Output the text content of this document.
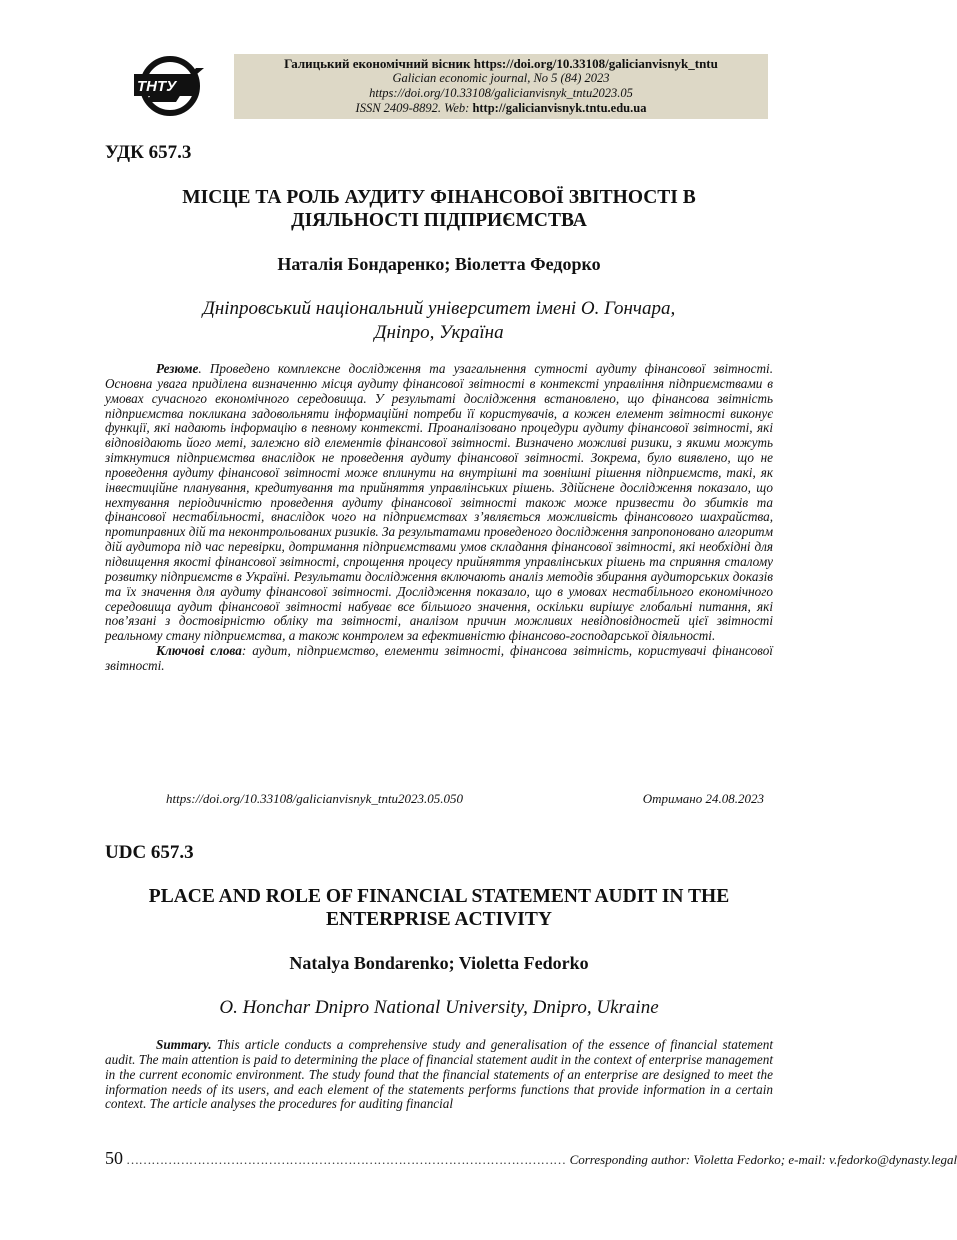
ТНТУ
Галицький економічний вісник https://doi.org/10.33108/galicianvisnyk_tntu
Galician economic journal, No 5 (84) 2023
https://doi.org/10.33108/galicianvisnyk_tntu2023.05
ISSN 2409-8892. Web: http://galicianvisnyk.tntu.edu.ua
УДК 657.3
МІСЦЕ ТА РОЛЬ АУДИТУ ФІНАНСОВОЇ ЗВІТНОСТІ В
ДІЯЛЬНОСТІ ПІДПРИЄМСТВА
Наталія Бондаренко; Віолетта Федорко
Дніпровський національний університет імені О. Гончара,
Дніпро, Україна

Резюме. Проведено комплексне дослідження та узагальнення сутності аудиту фінансової звітності. Основна увага приділена визначенню місця аудиту фінансової звітності в контексті управління підприємствами в умовах сучасного економічного середовища. У результаті дослідження встановлено, що фінансова звітність підприємства покликана задовольняти інформаційні потреби її користувачів, а кожен елемент звітності виконує функції, які надають інформацію в певному контексті. Проаналізовано процедури аудиту фінансової звітності, які відповідають його меті, залежно від елементів фінансової звітності. Визначено можливі ризики, з якими можуть зіткнутися підприємства внаслідок не проведення аудиту фінансової звітності. Зокрема, було виявлено, що не проведення аудиту фінансової звітності може вплинути на внутрішні та зовнішні рішення підприємств, такі, як інвестиційне планування, кредитування та прийняття управлінських рішень. Здійснене дослідження показало, що нехтування періодичністю проведення аудиту фінансової звітності також може призвести до збитків та фінансової нестабільності, внаслідок чого на підприємствах з’являється можливість фінансового шахрайства, протиправних дій та неконтрольованих ризиків. За результатами проведеного дослідження запропоновано алгоритм дій аудитора під час перевірки, дотримання підприємствами умов складання фінансової звітності, які необхідні для підвищення якості фінансової звітності, спрощення процесу прийняття управлінських рішень та сприяння сталому розвитку підприємств в Україні. Результати дослідження включають аналіз методів збирання аудиторських доказів та їх значення для аудиту фінансової звітності. Дослідження показало, що в умовах нестабільного економічного середовища аудит фінансової звітності набуває все більшого значення, оскільки вирішує глобальні питання, які пов’язані з достовірністю обліку та звітності, аналізом причин можливих невідповідностей цієї звітності реальному стану підприємства, а також контролем за ефективністю фінансово-господарської діяльності.

Ключові слова: аудит, підприємство, елементи звітності, фінансова звітність, користувачі фінансової звітності.

https://doi.org/10.33108/galicianvisnyk_tntu2023.05.050	Отримано 24.08.2023
UDC 657.3
PLACE AND ROLE OF FINANCIAL STATEMENT AUDIT IN THE
ENTERPRISE ACTIVITY
Natalya Bondarenko; Violetta Fedorko
O. Honchar Dnipro National University, Dnipro, Ukraine

Summary. This article conducts a comprehensive study and generalisation of the essence of financial statement audit. The main attention is paid to determining the place of financial statement audit in the context of enterprise management in the current economic environment. The study found that the financial statements of an enterprise are designed to meet the information needs of its users, and each element of the statements performs functions that provide information in a certain context. The article analyses the procedures for auditing financial

50 …………………………………………………………………………………………… Corresponding author: Violetta Fedorko; e-mail: v.fedorko@dynasty.legal
